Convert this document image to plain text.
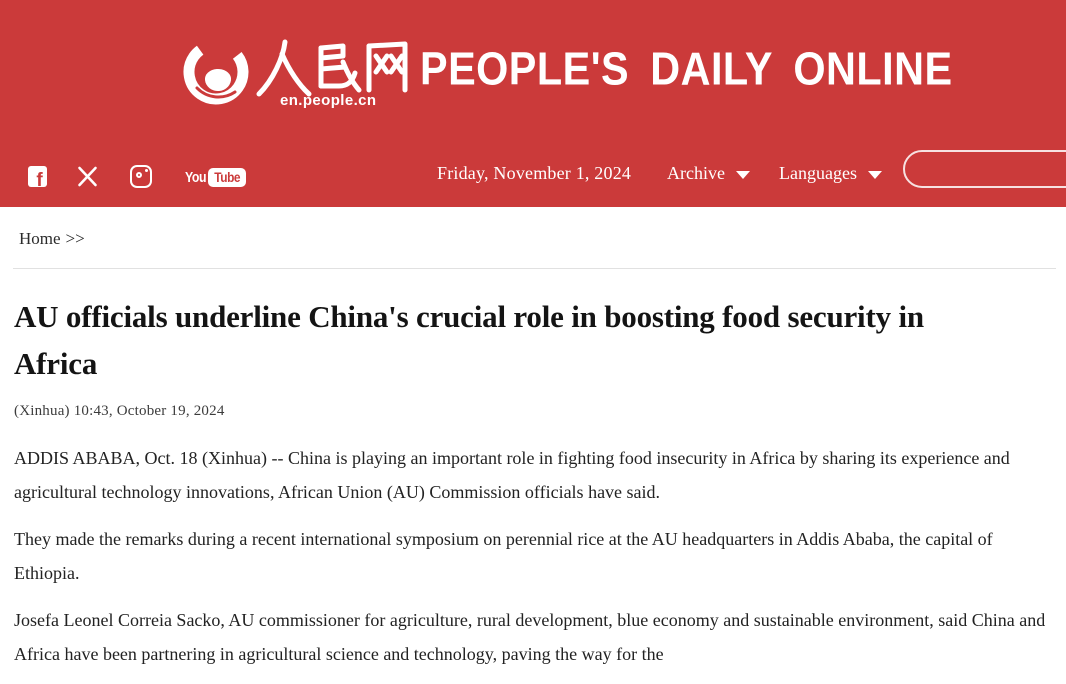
en.people.cn
PEOPLE'S DAILY ONLINE
f	You Tube	Friday, November 1, 2024 Archive	Languages
Home >>
AU officials underline China's crucial role in boosting food security in Africa
(Xinhua) 10:43, October 19, 2024

ADDIS ABABA, Oct. 18 (Xinhua) -- China is playing an important role in fighting food insecurity in Africa by sharing its experience and agricultural technology innovations, African Union (AU) Commission officials have said.

They made the remarks during a recent international symposium on perennial rice at the AU headquarters in Addis Ababa, the capital of Ethiopia.

Josefa Leonel Correia Sacko, AU commissioner for agriculture, rural development, blue economy and sustainable environment, said China and Africa have been partnering in agricultural science and technology, paving the way for the
